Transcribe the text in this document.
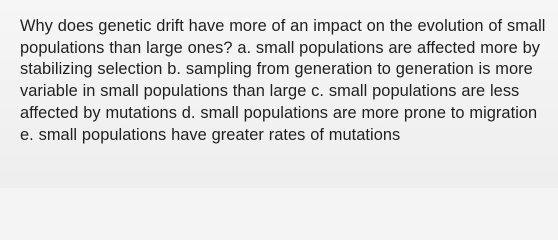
Why does genetic drift have more of an impact on the evolution of small populations than large ones? a. small populations are affected more by stabilizing selection b. sampling from generation to generation is more variable in small populations than large c. small populations are less affected by mutations d. small populations are more prone to migration e. small populations have greater rates of mutations
